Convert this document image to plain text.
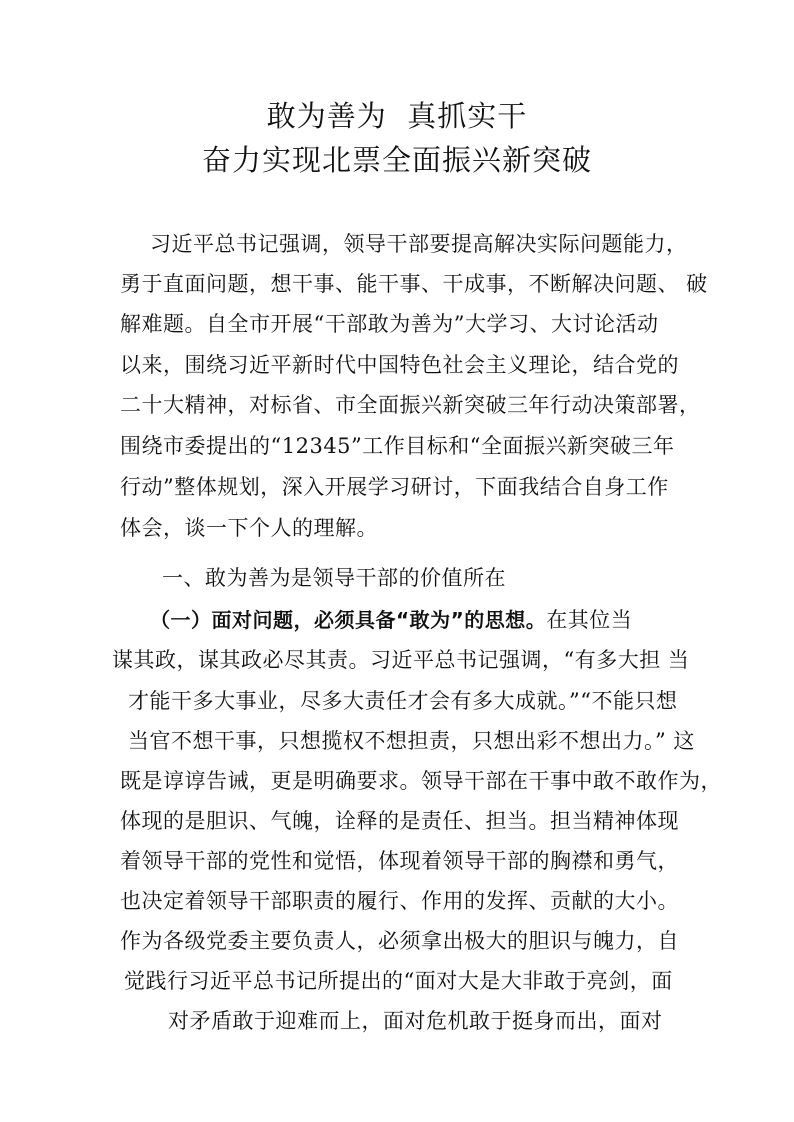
敢为善为  真抓实干
奋力实现北票全面振兴新突破
习近平总书记强调，领导干部要提高解决实际问题能力，
勇于直面问题，想干事、能干事、干成事，不断解决问题、 破
解难题。自全市开展“干部敢为善为”大学习、大讨论活动
以来，围绕习近平新时代中国特色社会主义理论，结合党的
二十大精神，对标省、市全面振兴新突破三年行动决策部署，
围绕市委提出的“12345”工作目标和“全面振兴新突破三年
行动”整体规划，深入开展学习研讨，下面我结合自身工作
体会，谈一下个人的理解。
一、敢为善为是领导干部的价值所在
（一）面对问题，必须具备“敢为”的思想。在其位当
谋其政，谋其政必尽其责。习近平总书记强调，“有多大担 当
才能干多大事业，尽多大责任才会有多大成就。”“不能只想
当官不想干事，只想揽权不想担责，只想出彩不想出力。” 这
既是谆谆告诫，更是明确要求。领导干部在干事中敢不敢作为，
体现的是胆识、气魄，诠释的是责任、担当。担当精神体现
着领导干部的党性和觉悟，体现着领导干部的胸襟和勇气，
也决定着领导干部职责的履行、作用的发挥、贡献的大小。
作为各级党委主要负责人，必须拿出极大的胆识与魄力，自
觉践行习近平总书记所提出的“面对大是大非敢于亮剑，面
对矛盾敢于迎难而上，面对危机敢于挺身而出，面对
